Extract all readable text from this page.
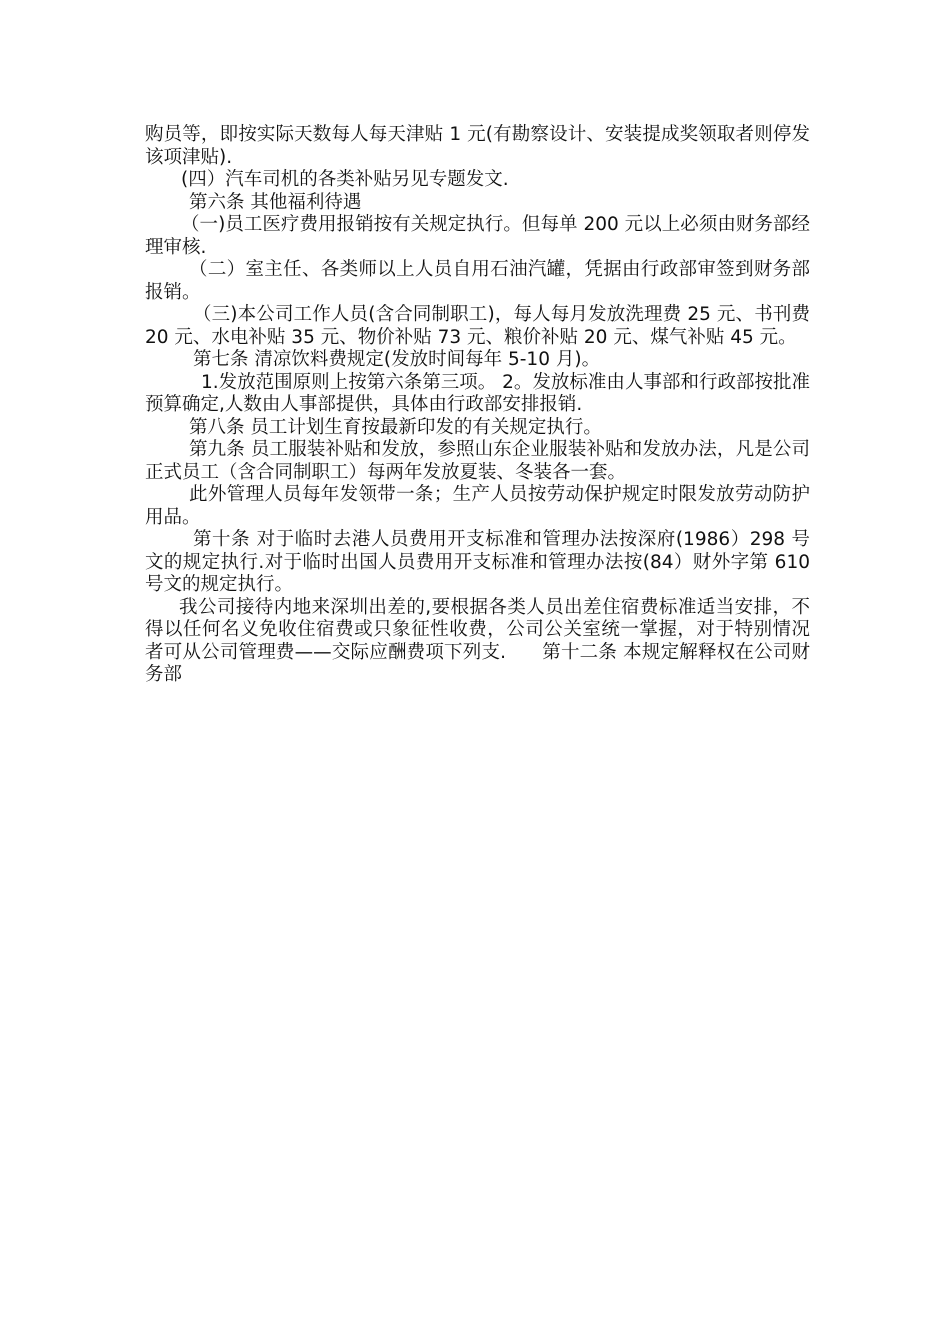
购员等，即按实际天数每人每天津贴 1 元(有勘察设计、安装提成奖领取者则停发该项津贴).

(四）汽车司机的各类补贴另见专题发文.

第六条 其他福利待遇

（一)员工医疗费用报销按有关规定执行。但每单 200 元以上必须由财务部经理审核.

（二）室主任、各类师以上人员自用石油汽罐，凭据由行政部审签到财务部报销。

（三)本公司工作人员(含合同制职工)，每人每月发放洗理费 25 元、书刊费 20 元、水电补贴 35 元、物价补贴 73 元、粮价补贴 20 元、煤气补贴 45 元。

第七条 清凉饮料费规定(发放时间每年 5-10 月)。

1.发放范围原则上按第六条第三项。 2。发放标准由人事部和行政部按批准预算确定,人数由人事部提供，具体由行政部安排报销.

第八条 员工计划生育按最新印发的有关规定执行。

第九条 员工服装补贴和发放，参照山东企业服装补贴和发放办法，凡是公司正式员工（含合同制职工）每两年发放夏装、冬装各一套。

此外管理人员每年发领带一条；生产人员按劳动保护规定时限发放劳动防护用品。

第十条 对于临时去港人员费用开支标准和管理办法按深府(1986）298 号文的规定执行.对于临时出国人员费用开支标准和管理办法按(84）财外字第 610 号文的规定执行。

我公司接待内地来深圳出差的,要根据各类人员出差住宿费标准适当安排，不得以任何名义免收住宿费或只象征性收费，公司公关室统一掌握，对于特别情况者可从公司管理费——交际应酬费项下列支. 第十二条 本规定解释权在公司财务部
